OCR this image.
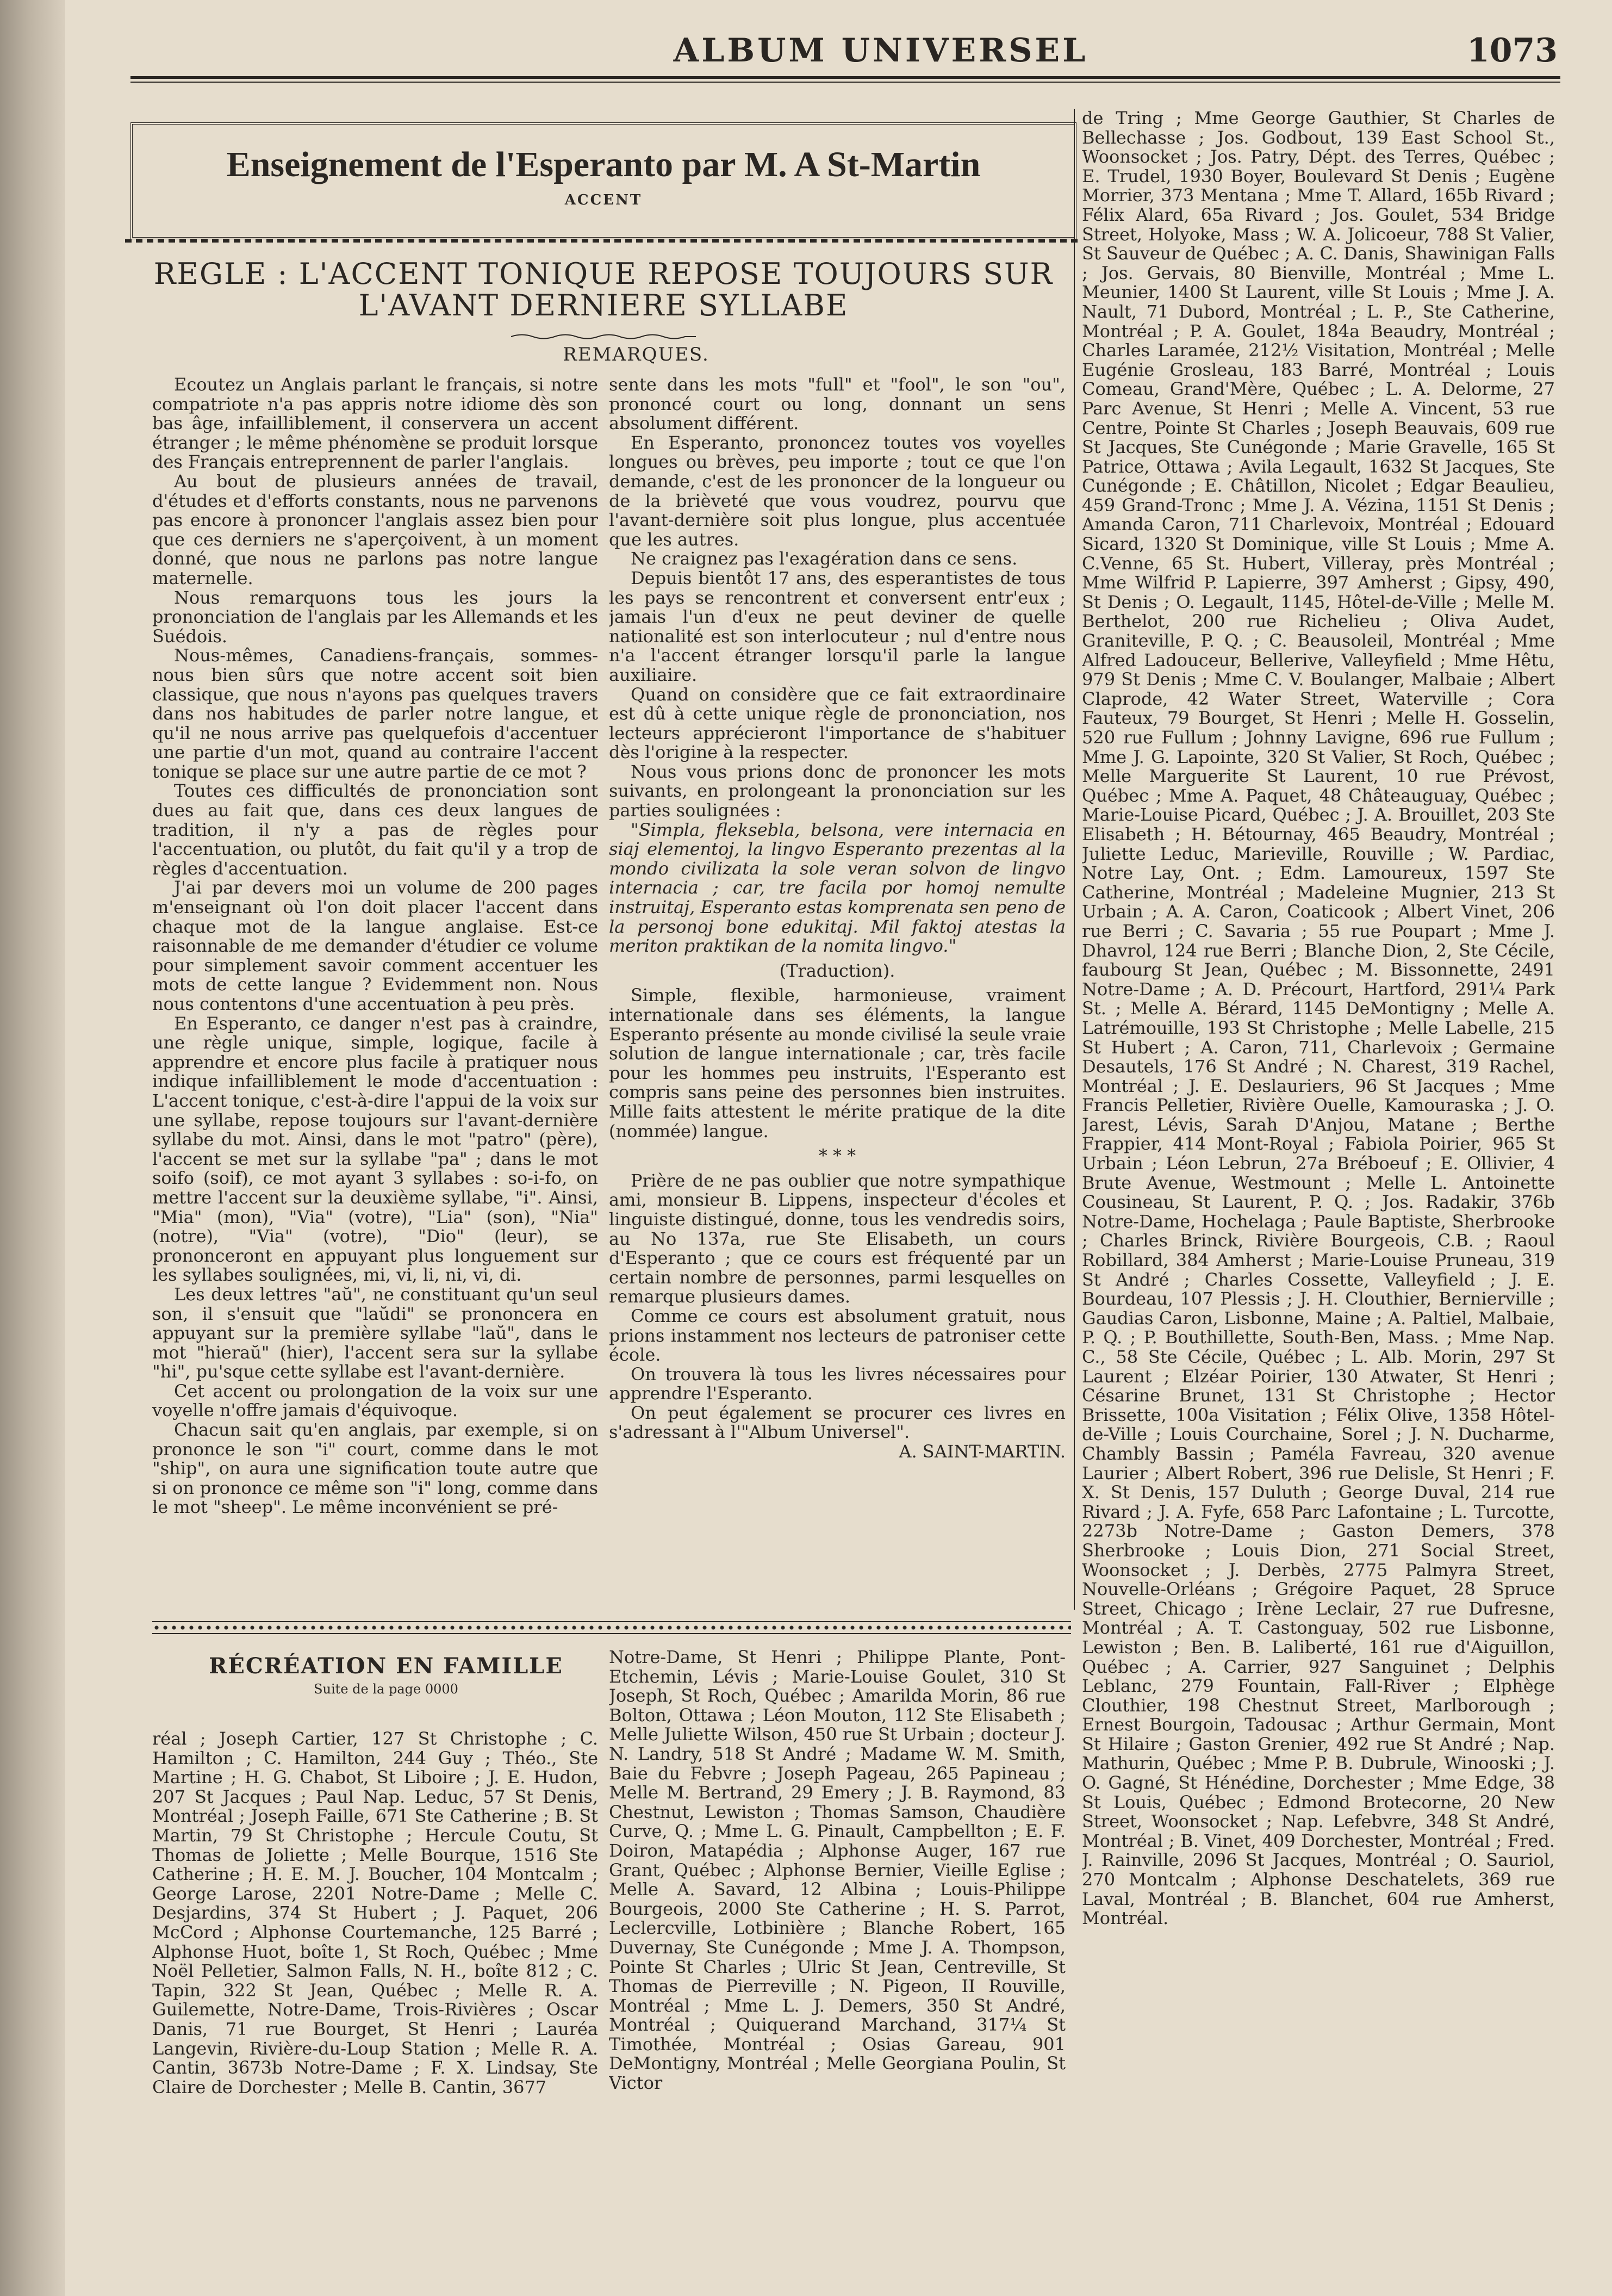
ALBUM UNIVERSEL	1073
Enseignement de l'Esperanto par M. A St-Martin
ACCENT
REGLE : L'ACCENT TONIQUE REPOSE TOUJOURS SUR
L'AVANT DERNIERE SYLLABE
REMARQUES.

Ecoutez un Anglais parlant le français, si notre compatriote n'a pas appris notre idiome dès son bas âge, infailliblement, il conservera un accent étranger ; le même phénomène se produit lorsque des Français entreprennent de parler l'anglais.

Au bout de plusieurs années de travail, d'études et d'efforts constants, nous ne parvenons pas encore à prononcer l'anglais assez bien pour que ces derniers ne s'aperçoivent, à un moment donné, que nous ne parlons pas notre langue maternelle.

Nous remarquons tous les jours la prononciation de l'anglais par les Allemands et les Suédois.

Nous-mêmes, Canadiens-français, sommes-nous bien sûrs que notre accent soit bien classique, que nous n'ayons pas quelques travers dans nos habitudes de parler notre langue, et qu'il ne nous arrive pas quelquefois d'accentuer une partie d'un mot, quand au contraire l'accent tonique se place sur une autre partie de ce mot ?

Toutes ces difficultés de prononciation sont dues au fait que, dans ces deux langues de tradition, il n'y a pas de règles pour l'accentuation, ou plutôt, du fait qu'il y a trop de règles d'accentuation.

J'ai par devers moi un volume de 200 pages m'enseignant où l'on doit placer l'accent dans chaque mot de la langue anglaise. Est-ce raisonnable de me demander d'étudier ce volume pour simplement savoir comment accentuer les mots de cette langue ? Evidemment non. Nous nous contentons d'une accentuation à peu près.

En Esperanto, ce danger n'est pas à craindre, une règle unique, simple, logique, facile à apprendre et encore plus facile à pratiquer nous indique infailliblement le mode d'accentuation : L'accent tonique, c'est-à-dire l'appui de la voix sur une syllabe, repose toujours sur l'avant-dernière syllabe du mot. Ainsi, dans le mot "patro" (père), l'accent se met sur la syllabe "pa" ; dans le mot soifo (soif), ce mot ayant 3 syllabes : so-i-fo, on mettre l'accent sur la deuxième syllabe, "i". Ainsi, "Mia" (mon), "Via" (votre), "Lia" (son), "Nia" (notre), "Via" (votre), "Dio" (leur), se prononceront en appuyant plus longuement sur les syllabes soulignées, mi, vi, li, ni, vi, di.

Les deux lettres "aŭ", ne constituant qu'un seul son, il s'ensuit que "laŭdi" se prononcera en appuyant sur la première syllabe "laŭ", dans le mot "hieraŭ" (hier), l'accent sera sur la syllabe "hi", pu'sque cette syllabe est l'avant-dernière.

Cet accent ou prolongation de la voix sur une voyelle n'offre jamais d'équivoque.

Chacun sait qu'en anglais, par exemple, si on prononce le son "i" court, comme dans le mot "ship", on aura une signification toute autre que si on prononce ce même son "i" long, comme dans le mot "sheep". Le même inconvénient se pré-

sente dans les mots "full" et "fool", le son "ou", prononcé court ou long, donnant un sens absolument différent.

En Esperanto, prononcez toutes vos voyelles longues ou brèves, peu importe ; tout ce que l'on demande, c'est de les prononcer de la longueur ou de la brièveté que vous voudrez, pourvu que l'avant-dernière soit plus longue, plus accentuée que les autres.

Ne craignez pas l'exagération dans ce sens.

Depuis bientôt 17 ans, des esperantistes de tous les pays se rencontrent et conversent entr'eux ; jamais l'un d'eux ne peut deviner de quelle nationalité est son interlocuteur ; nul d'entre nous n'a l'accent étranger lorsqu'il parle la langue auxiliaire.

Quand on considère que ce fait extraordinaire est dû à cette unique règle de prononciation, nos lecteurs apprécieront l'importance de s'habituer dès l'origine à la respecter.

Nous vous prions donc de prononcer les mots suivants, en prolongeant la prononciation sur les parties soulignées :

"Simpla, fleksebla, belsona, vere internacia en siaj elementoj, la lingvo Esperanto prezentas al la mondo civilizata la sole veran solvon de lingvo internacia ; car, tre facila por homoj nemulte instruitaj, Esperanto estas komprenata sen peno de la personoj bone edukitaj. Mil faktoj atestas la meriton praktikan de la nomita lingvo."

(Traduction).

Simple, flexible, harmonieuse, vraiment internationale dans ses éléments, la langue Esperanto présente au monde civilisé la seule vraie solution de langue internationale ; car, très facile pour les hommes peu instruits, l'Esperanto est compris sans peine des personnes bien instruites. Mille faits attestent le mérite pratique de la dite (nommée) langue.

* * *

Prière de ne pas oublier que notre sympathique ami, monsieur B. Lippens, inspecteur d'écoles et linguiste distingué, donne, tous les vendredis soirs, au No 137a, rue Ste Elisabeth, un cours d'Esperanto ; que ce cours est fréquenté par un certain nombre de personnes, parmi lesquelles on remarque plusieurs dames.

Comme ce cours est absolument gratuit, nous prions instamment nos lecteurs de patroniser cette école.

On trouvera là tous les livres nécessaires pour apprendre l'Esperanto.

On peut également se procurer ces livres en s'adressant à l'"Album Universel".

A. SAINT-MARTIN.

de Tring ; Mme George Gauthier, St Charles de Bellechasse ; Jos. Godbout, 139 East School St., Woonsocket ; Jos. Patry, Dépt. des Terres, Québec ; E. Trudel, 1930 Boyer, Boulevard St Denis ; Eugène Morrier, 373 Mentana ; Mme T. Allard, 165b Rivard ; Félix Alard, 65a Rivard ; Jos. Goulet, 534 Bridge Street, Holyoke, Mass ; W. A. Jolicoeur, 788 St Valier, St Sauveur de Québec ; A. C. Danis, Shawinigan Falls ; Jos. Gervais, 80 Bienville, Montréal ; Mme L. Meunier, 1400 St Laurent, ville St Louis ; Mme J. A. Nault, 71 Dubord, Montréal ; L. P., Ste Catherine, Montréal ; P. A. Goulet, 184a Beaudry, Montréal ; Charles Laramée, 212½ Visitation, Montréal ; Melle Eugénie Grosleau, 183 Barré, Montréal ; Louis Comeau, Grand'Mère, Québec ; L. A. Delorme, 27 Parc Avenue, St Henri ; Melle A. Vincent, 53 rue Centre, Pointe St Charles ; Joseph Beauvais, 609 rue St Jacques, Ste Cunégonde ; Marie Gravelle, 165 St Patrice, Ottawa ; Avila Legault, 1632 St Jacques, Ste Cunégonde ; E. Châtillon, Nicolet ; Edgar Beaulieu, 459 Grand-Tronc ; Mme J. A. Vézina, 1151 St Denis ; Amanda Caron, 711 Charlevoix, Montréal ; Edouard Sicard, 1320 St Dominique, ville St Louis ; Mme A. C.Venne, 65 St. Hubert, Villeray, près Montréal ; Mme Wilfrid P. Lapierre, 397 Amherst ; Gipsy, 490, St Denis ; O. Legault, 1145, Hôtel-de-Ville ; Melle M. Berthelot, 200 rue Richelieu ; Oliva Audet, Graniteville, P. Q. ; C. Beausoleil, Montréal ; Mme Alfred Ladouceur, Bellerive, Valleyfield ; Mme Hêtu, 979 St Denis ; Mme C. V. Boulanger, Malbaie ; Albert Claprode, 42 Water Street, Waterville ; Cora Fauteux, 79 Bourget, St Henri ; Melle H. Gosselin, 520 rue Fullum ; Johnny Lavigne, 696 rue Fullum ; Mme J. G. Lapointe, 320 St Valier, St Roch, Québec ; Melle Marguerite St Laurent, 10 rue Prévost, Québec ; Mme A. Paquet, 48 Châteauguay, Québec ; Marie-Louise Picard, Québec ; J. A. Brouillet, 203 Ste Elisabeth ; H. Bétournay, 465 Beaudry, Montréal ; Juliette Leduc, Marieville, Rouville ; W. Pardiac, Notre Lay, Ont. ; Edm. Lamoureux, 1597 Ste Catherine, Montréal ; Madeleine Mugnier, 213 St Urbain ; A. A. Caron, Coaticook ; Albert Vinet, 206 rue Berri ; C. Savaria ; 55 rue Poupart ; Mme J. Dhavrol, 124 rue Berri ; Blanche Dion, 2, Ste Cécile, faubourg St Jean, Québec ; M. Bissonnette, 2491 Notre-Dame ; A. D. Précourt, Hartford, 291¼ Park St. ; Melle A. Bérard, 1145 DeMontigny ; Melle A. Latrémouille, 193 St Christophe ; Melle Labelle, 215 St Hubert ; A. Caron, 711, Charlevoix ; Germaine Desautels, 176 St André ; N. Charest, 319 Rachel, Montréal ; J. E. Deslauriers, 96 St Jacques ; Mme Francis Pelletier, Rivière Ouelle, Kamouraska ; J. O. Jarest, Lévis, Sarah D'Anjou, Matane ; Berthe Frappier, 414 Mont-Royal ; Fabiola Poirier, 965 St Urbain ; Léon Lebrun, 27a Bréboeuf ; E. Ollivier, 4 Brute Avenue, Westmount ; Melle L. Antoinette Cousineau, St Laurent, P. Q. ; Jos. Radakir, 376b Notre-Dame, Hochelaga ; Paule Baptiste, Sherbrooke ; Charles Brinck, Rivière Bourgeois, C.B. ; Raoul Robillard, 384 Amherst ; Marie-Louise Pruneau, 319 St André ; Charles Cossette, Valleyfield ; J. E. Bourdeau, 107 Plessis ; J. H. Clouthier, Bernierville ; Gaudias Caron, Lisbonne, Maine ; A. Paltiel, Malbaie, P. Q. ; P. Bouthillette, South-Ben, Mass. ; Mme Nap. C., 58 Ste Cécile, Québec ; L. Alb. Morin, 297 St Laurent ; Elzéar Poirier, 130 Atwater, St Henri ; Césarine Brunet, 131 St Christophe ; Hector Brissette, 100a Visitation ; Félix Olive, 1358 Hôtel-de-Ville ; Louis Courchaine, Sorel ; J. N. Ducharme, Chambly Bassin ; Paméla Favreau, 320 avenue Laurier ; Albert Robert, 396 rue Delisle, St Henri ; F. X. St Denis, 157 Duluth ; George Duval, 214 rue Rivard ; J. A. Fyfe, 658 Parc Lafontaine ; L. Turcotte, 2273b Notre-Dame ; Gaston Demers, 378 Sherbrooke ; Louis Dion, 271 Social Street, Woonsocket ; J. Derbès, 2775 Palmyra Street, Nouvelle-Orléans ; Grégoire Paquet, 28 Spruce Street, Chicago ; Irène Leclair, 27 rue Dufresne, Montréal ; A. T. Castonguay, 502 rue Lisbonne, Lewiston ; Ben. B. Laliberté, 161 rue d'Aiguillon, Québec ; A. Carrier, 927 Sanguinet ; Delphis Leblanc, 279 Fountain, Fall-River ; Elphège Clouthier, 198 Chestnut Street, Marlborough ; Ernest Bourgoin, Tadousac ; Arthur Germain, Mont St Hilaire ; Gaston Grenier, 492 rue St André ; Nap. Mathurin, Québec ; Mme P. B. Dubrule, Winooski ; J. O. Gagné, St Hénédine, Dorchester ; Mme Edge, 38 St Louis, Québec ; Edmond Brotecorne, 20 New Street, Woonsocket ; Nap. Lefebvre, 348 St André, Montréal ; B. Vinet, 409 Dorchester, Montréal ; Fred. J. Rainville, 2096 St Jacques, Montréal ; O. Sauriol, 270 Montcalm ; Alphonse Deschatelets, 369 rue Laval, Montréal ; B. Blanchet, 604 rue Amherst, Montréal.

RÉCRÉATION EN FAMILLE
Suite de la page 0000

réal ; Joseph Cartier, 127 St Christophe ; C. Hamilton ; C. Hamilton, 244 Guy ; Théo., Ste Martine ; H. G. Chabot, St Liboire ; J. E. Hudon, 207 St Jacques ; Paul Nap. Leduc, 57 St Denis, Montréal ; Joseph Faille, 671 Ste Catherine ; B. St Martin, 79 St Christophe ; Hercule Coutu, St Thomas de Joliette ; Melle Bourque, 1516 Ste Catherine ; H. E. M. J. Boucher, 104 Montcalm ; George Larose, 2201 Notre-Dame ; Melle C. Desjardins, 374 St Hubert ; J. Paquet, 206 McCord ; Alphonse Courtemanche, 125 Barré ; Alphonse Huot, boîte 1, St Roch, Québec ; Mme Noël Pelletier, Salmon Falls, N. H., boîte 812 ; C. Tapin, 322 St Jean, Québec ; Melle R. A. Guilemette, Notre-Dame, Trois-Rivières ; Oscar Danis, 71 rue Bourget, St Henri ; Lauréa Langevin, Rivière-du-Loup Station ; Melle R. A. Cantin, 3673b Notre-Dame ; F. X. Lindsay, Ste Claire de Dorchester ; Melle B. Cantin, 3677

Notre-Dame, St Henri ; Philippe Plante, Pont-Etchemin, Lévis ; Marie-Louise Goulet, 310 St Joseph, St Roch, Québec ; Amarilda Morin, 86 rue Bolton, Ottawa ; Léon Mouton, 112 Ste Elisabeth ; Melle Juliette Wilson, 450 rue St Urbain ; docteur J. N. Landry, 518 St André ; Madame W. M. Smith, Baie du Febvre ; Joseph Pageau, 265 Papineau ; Melle M. Bertrand, 29 Emery ; J. B. Raymond, 83 Chestnut, Lewiston ; Thomas Samson, Chaudière Curve, Q. ; Mme L. G. Pinault, Campbellton ; E. F. Doiron, Matapédia ; Alphonse Auger, 167 rue Grant, Québec ; Alphonse Bernier, Vieille Eglise ; Melle A. Savard, 12 Albina ; Louis-Philippe Bourgeois, 2000 Ste Catherine ; H. S. Parrot, Leclercville, Lotbinière ; Blanche Robert, 165 Duvernay, Ste Cunégonde ; Mme J. A. Thompson, Pointe St Charles ; Ulric St Jean, Centreville, St Thomas de Pierreville ; N. Pigeon, II Rouville, Montréal ; Mme L. J. Demers, 350 St André, Montréal ; Quiquerand Marchand, 317¼ St Timothée, Montréal ; Osias Gareau, 901 DeMontigny, Montréal ; Melle Georgiana Poulin, St Victor
